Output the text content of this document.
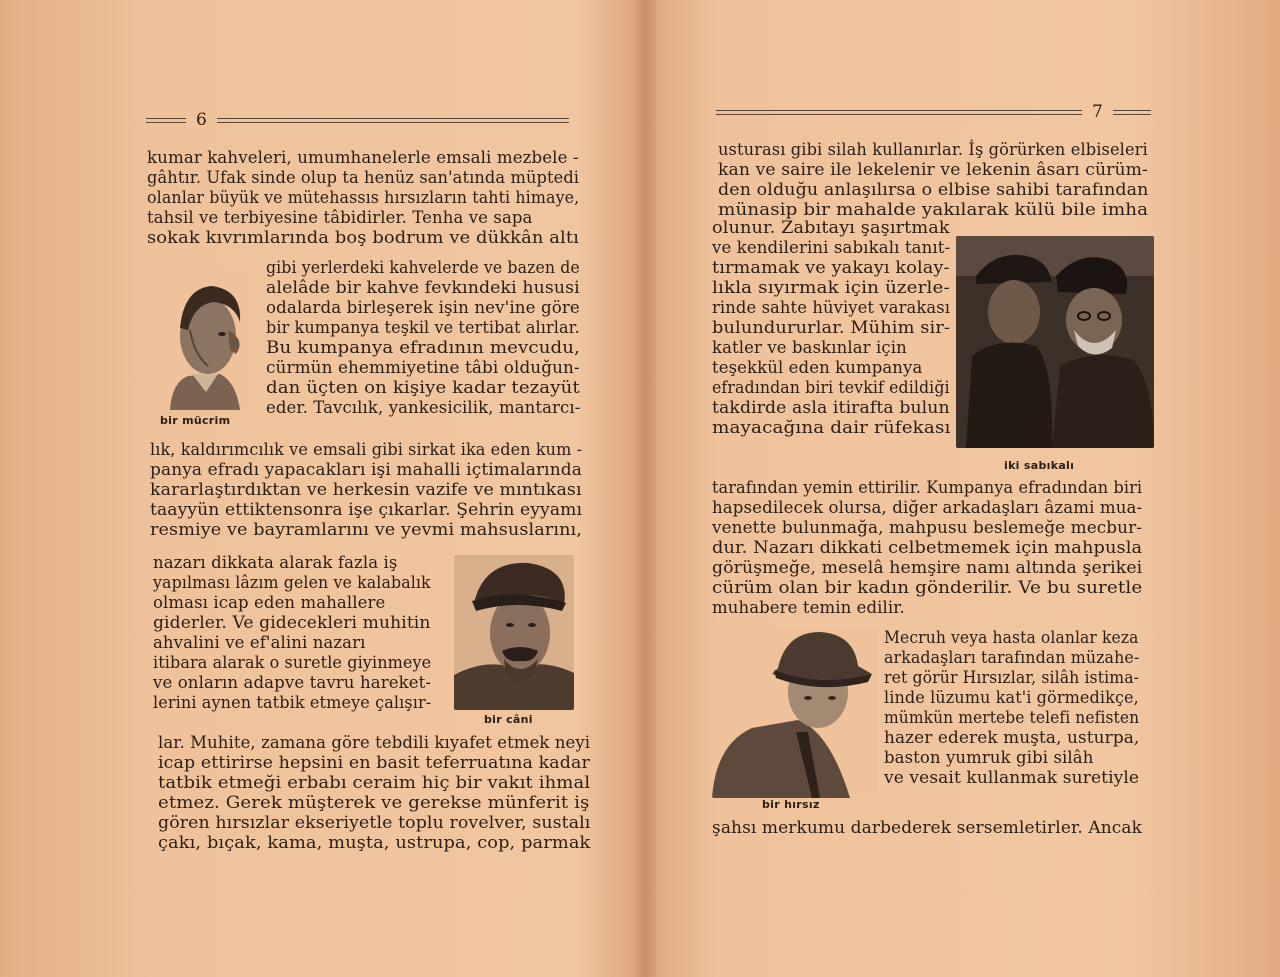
6

kumar kahveleri, umumhanelerle emsali mezbele -

gâhtır. Ufak sinde olup ta henüz san'atında müptedi

olanlar büyük ve mütehassıs hırsızların tahti himaye,

tahsil ve terbiyesine tâbidirler. Tenha ve sapa

sokak kıvrımlarında boş bodrum ve dükkân altı

gibi yerlerdeki kahvelerde ve bazen de

alelâde bir kahve fevkındeki hususi

odalarda birleşerek işin nev'ine göre

bir kumpanya teşkil ve tertibat alırlar.

Bu kumpanya efradının mevcudu,

cürmün ehemmiyetine tâbi olduğun-

dan üçten on kişiye kadar tezayüt

eder. Tavcılık, yankesicilik, mantarcı-

lık, kaldırımcılık ve emsali gibi sirkat ika eden kum -

panya efradı yapacakları işi mahalli içtimalarında

kararlaştırdıktan ve herkesin vazife ve mıntıkası

taayyün ettiktensonra işe çıkarlar. Şehrin eyyamı

resmiye ve bayramlarını ve yevmi mahsuslarını,

nazarı dikkata alarak fazla iş

yapılması lâzım gelen ve kalabalık

olması icap eden mahallere

giderler. Ve gidecekleri muhitin

ahvalini ve ef'alini nazarı

itibara alarak o suretle giyinmeye

ve onların adapve tavru hareket-

lerini aynen tatbik etmeye çalışır-

lar. Muhite, zamana göre tebdili kıyafet etmek neyi

icap ettirirse hepsini en basit teferruatına kadar

tatbik etmeği erbabı ceraim hiç bir vakıt ihmal

etmez. Gerek müşterek ve gerekse münferit iş

gören hırsızlar ekseriyetle toplu rovelver, sustalı

çakı, bıçak, kama, muşta, ustrupa, cop, parmak

bir mücrim
bir câni
7

usturası gibi silah kullanırlar. İş görürken elbiseleri

kan ve saire ile lekelenir ve lekenin âsarı cürüm-

den olduğu anlaşılırsa o elbise sahibi tarafından

münasip bir mahalde yakılarak külü bile imha

olunur. Zabıtayı şaşırtmak

ve kendilerini sabıkalı tanıt-

tırmamak ve yakayı kolay-

lıkla sıyırmak için üzerle-

rinde sahte hüviyet varakası

bulundururlar. Mühim sir-

katler ve baskınlar için

teşekkül eden kumpanya

efradından biri tevkif edildiği

takdirde asla itirafta bulun

mayacağına dair rüfekası

tarafından yemin ettirilir. Kumpanya efradından biri

hapsedilecek olursa, diğer arkadaşları âzami mua-

venette bulunmağa, mahpusu beslemeğe mecbur-

dur. Nazarı dikkati celbetmemek için mahpusla

görüşmeğe, meselâ hemşire namı altında şerikei

cürüm olan bir kadın gönderilir. Ve bu suretle

muhabere temin edilir.

Mecruh veya hasta olanlar keza

arkadaşları tarafından müzahe-

ret görür Hırsızlar, silâh istima-

linde lüzumu kat'i görmedikçe,

mümkün mertebe telefi nefisten

hazer ederek muşta, usturpa,

baston yumruk gibi silâh

ve vesait kullanmak suretiyle

şahsı merkumu darbederek sersemletirler. Ancak

iki sabıkalı
bir hırsız
